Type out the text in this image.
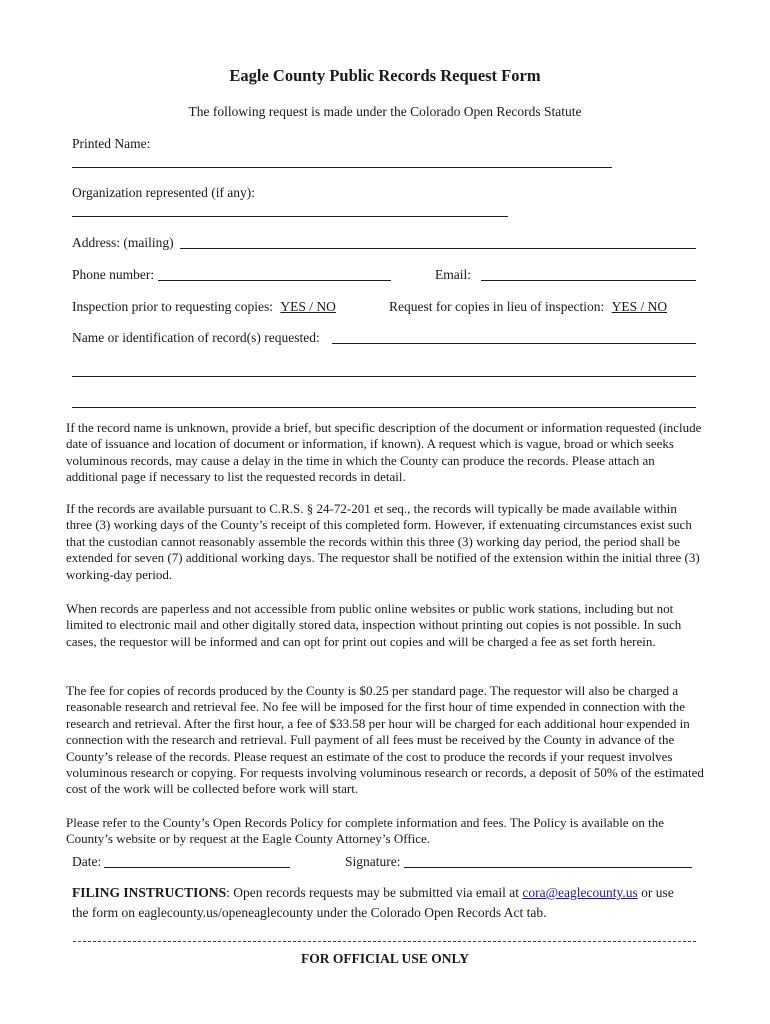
Eagle County Public Records Request Form
The following request is made under the Colorado Open Records Statute
Printed Name:
Organization represented (if any):
Address: (mailing)
Phone number:	Email:
Inspection prior to requesting copies: YES / NO	Request for copies in lieu of inspection: YES / NO
Name or identification of record(s) requested:

If the record name is unknown, provide a brief, but specific description of the document or information requested (include date of issuance and location of document or information, if known). A request which is vague, broad or which seeks voluminous records, may cause a delay in the time in which the County can produce the records. Please attach an additional page if necessary to list the requested records in detail.

If the records are available pursuant to C.R.S. § 24-72-201 et seq., the records will typically be made available within three (3) working days of the County’s receipt of this completed form. However, if extenuating circumstances exist such that the custodian cannot reasonably assemble the records within this three (3) working day period, the period shall be extended for seven (7) additional working days. The requestor shall be notified of the extension within the initial three (3) working-day period.

When records are paperless and not accessible from public online websites or public work stations, including but not limited to electronic mail and other digitally stored data, inspection without printing out copies is not possible. In such cases, the requestor will be informed and can opt for print out copies and will be charged a fee as set forth herein.

The fee for copies of records produced by the County is $0.25 per standard page. The requestor will also be charged a reasonable research and retrieval fee. No fee will be imposed for the first hour of time expended in connection with the research and retrieval. After the first hour, a fee of $33.58 per hour will be charged for each additional hour expended in connection with the research and retrieval. Full payment of all fees must be received by the County in advance of the County’s release of the records. Please request an estimate of the cost to produce the records if your request involves voluminous research or copying. For requests involving voluminous research or records, a deposit of 50% of the estimated cost of the work will be collected before work will start.

Please refer to the County’s Open Records Policy for complete information and fees. The Policy is available on the County’s website or by request at the Eagle County Attorney’s Office.

Date:	Signature:
FILING INSTRUCTIONS: Open records requests may be submitted via email at cora@eaglecounty.us or use
the form on eaglecounty.us/openeaglecounty under the Colorado Open Records Act tab.
FOR OFFICIAL USE ONLY
